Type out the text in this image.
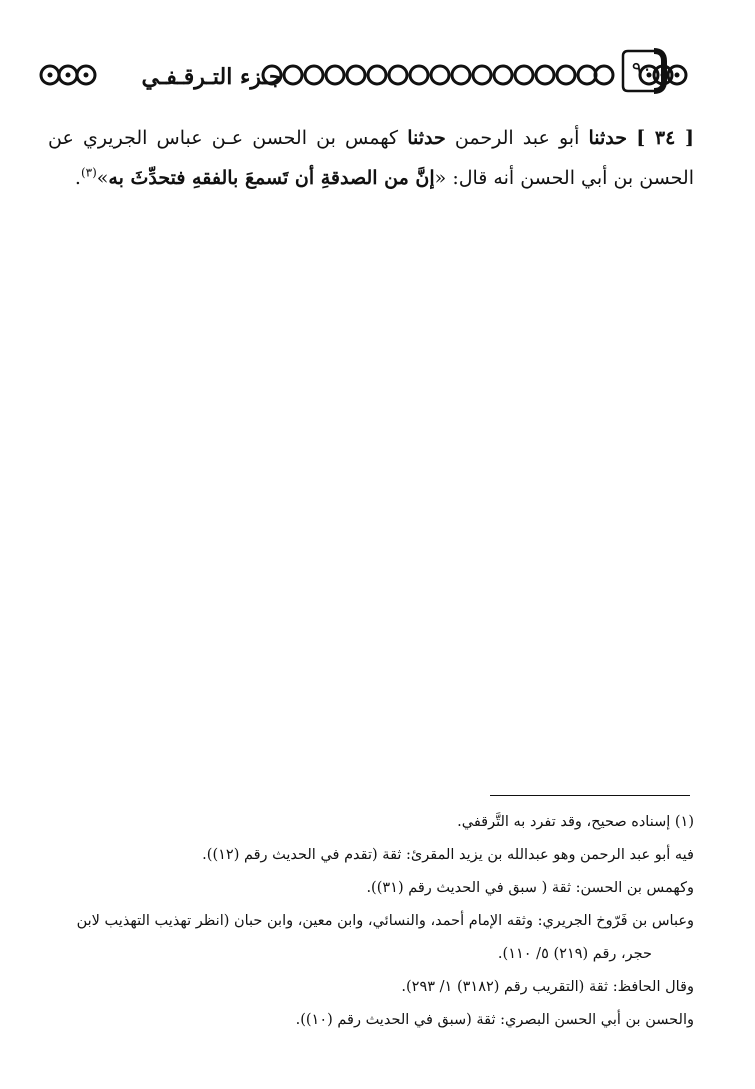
٩٠
جـزء التـرقـفـي

[ ٣٤ ] حدثنا أبو عبد الرحمن حدثنا كهمس بن الحسن عـن عباس الجريري عن الحسن بن أبي الحسن أنه قال: «إنَّ من الصدقةِ أن تَسمعَ بالفقهِ فتحدِّثَ به»$^{(٣)}$.

(١) إسناده صحيح، وقد تفرد به التَّرقفي.

فيه أبو عبد الرحمن وهو عبدالله بن يزيد المقرئ: ثقة (تقدم في الحديث رقم (١٢)).

وكهمس بن الحسن: ثقة ( سبق في الحديث رقم (٣١)).

وعباس بن فَرّوخ الجريري: وثقه الإمام أحمد، والنسائي، وابن معين، وابن حبان (انظر تهذيب التهذيب لابن

حجر، رقم (٢١٩) ٥/ ١١٠).

وقال الحافظ: ثقة (التقريب رقم (٣١٨٢) ١/ ٢٩٣).

والحسن بن أبي الحسن البصري: ثقة (سبق في الحديث رقم (١٠)).
